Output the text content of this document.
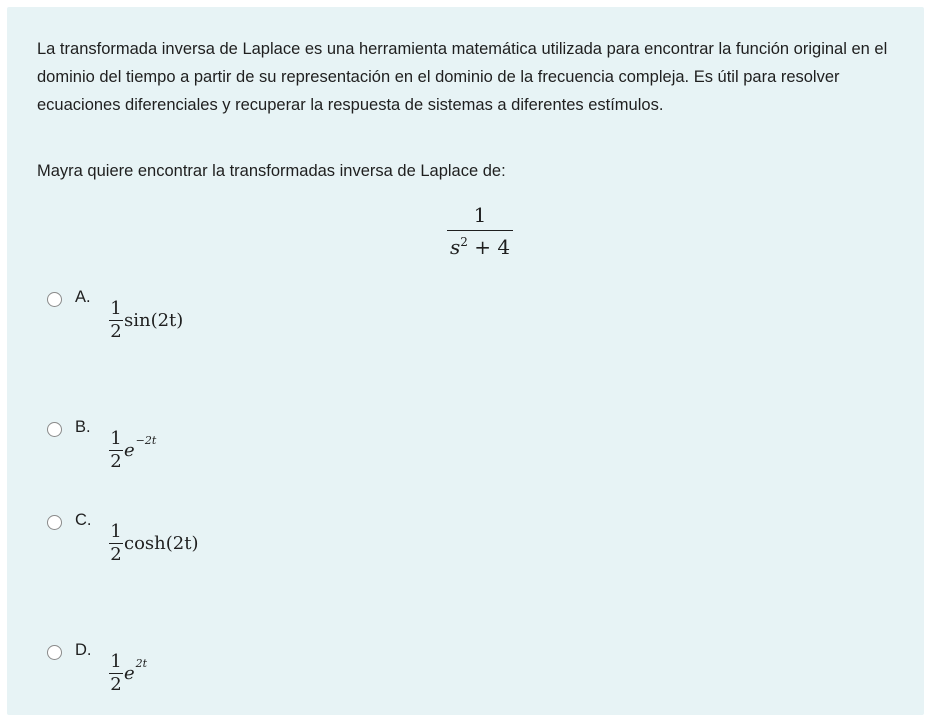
La transformada inversa de Laplace es una herramienta matemática utilizada para encontrar la función original en el dominio del tiempo a partir de su representación en el dominio de la frecuencia compleja. Es útil para resolver ecuaciones diferenciales y recuperar la respuesta de sistemas a diferentes estímulos.

Mayra quiere encontrar la transformadas inversa de Laplace de:

$\frac{1}{s^2 + 4}$
A.
$\frac{1}{2} \sin(2t)$
B.
$\frac{1}{2}$ e −2t
C.
$\frac{1}{2} \cosh(2t)$
D.
$\frac{1}{2}$ e 2t
